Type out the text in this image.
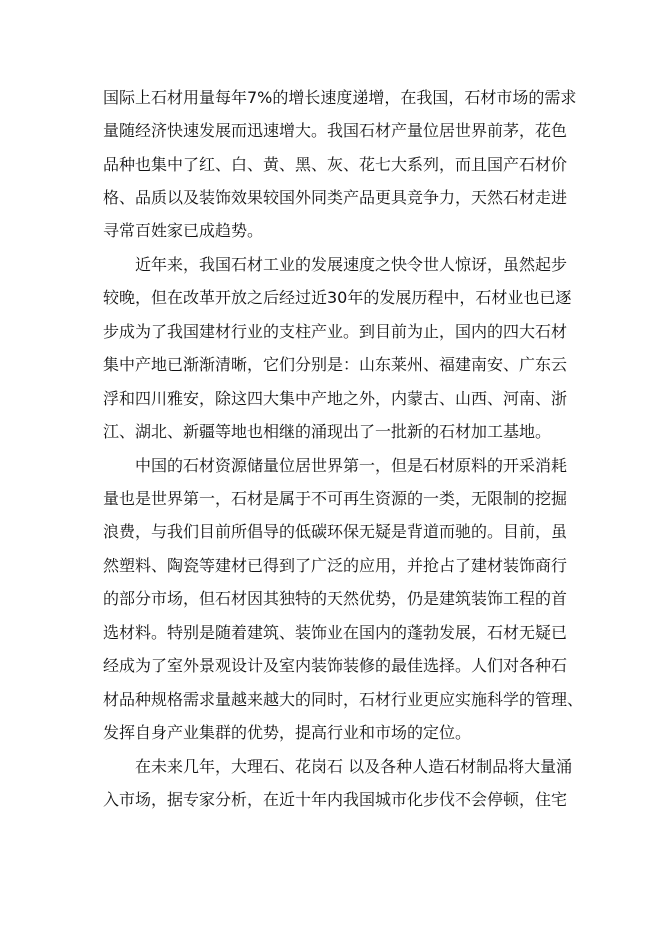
国际上石材用量每年7%的增长速度递增，在我国，石材市场的需求
量随经济快速发展而迅速增大。我国石材产量位居世界前茅，花色
品种也集中了红、白、黄、黑、灰、花七大系列，而且国产石材价
格、品质以及装饰效果较国外同类产品更具竞争力，天然石材走进
寻常百姓家已成趋势。
近年来，我国石材工业的发展速度之快令世人惊讶，虽然起步
较晚，但在改革开放之后经过近30年的发展历程中，石材业也已逐
步成为了我国建材行业的支柱产业。到目前为止，国内的四大石材
集中产地已渐渐清晰，它们分别是：山东莱州、福建南安、广东云
浮和四川雅安，除这四大集中产地之外，内蒙古、山西、河南、浙
江、湖北、新疆等地也相继的涌现出了一批新的石材加工基地。
中国的石材资源储量位居世界第一，但是石材原料的开采消耗
量也是世界第一，石材是属于不可再生资源的一类，无限制的挖掘
浪费，与我们目前所倡导的低碳环保无疑是背道而驰的。目前，虽
然塑料、陶瓷等建材已得到了广泛的应用，并抢占了建材装饰商行
的部分市场，但石材因其独特的天然优势，仍是建筑装饰工程的首
选材料。特别是随着建筑、装饰业在国内的蓬勃发展，石材无疑已
经成为了室外景观设计及室内装饰装修的最佳选择。人们对各种石
材品种规格需求量越来越大的同时，石材行业更应实施科学的管理、
发挥自身产业集群的优势，提高行业和市场的定位。
在未来几年，大理石、花岗石 以及各种人造石材制品将大量涌
入市场，据专家分析，在近十年内我国城市化步伐不会停顿，住宅
